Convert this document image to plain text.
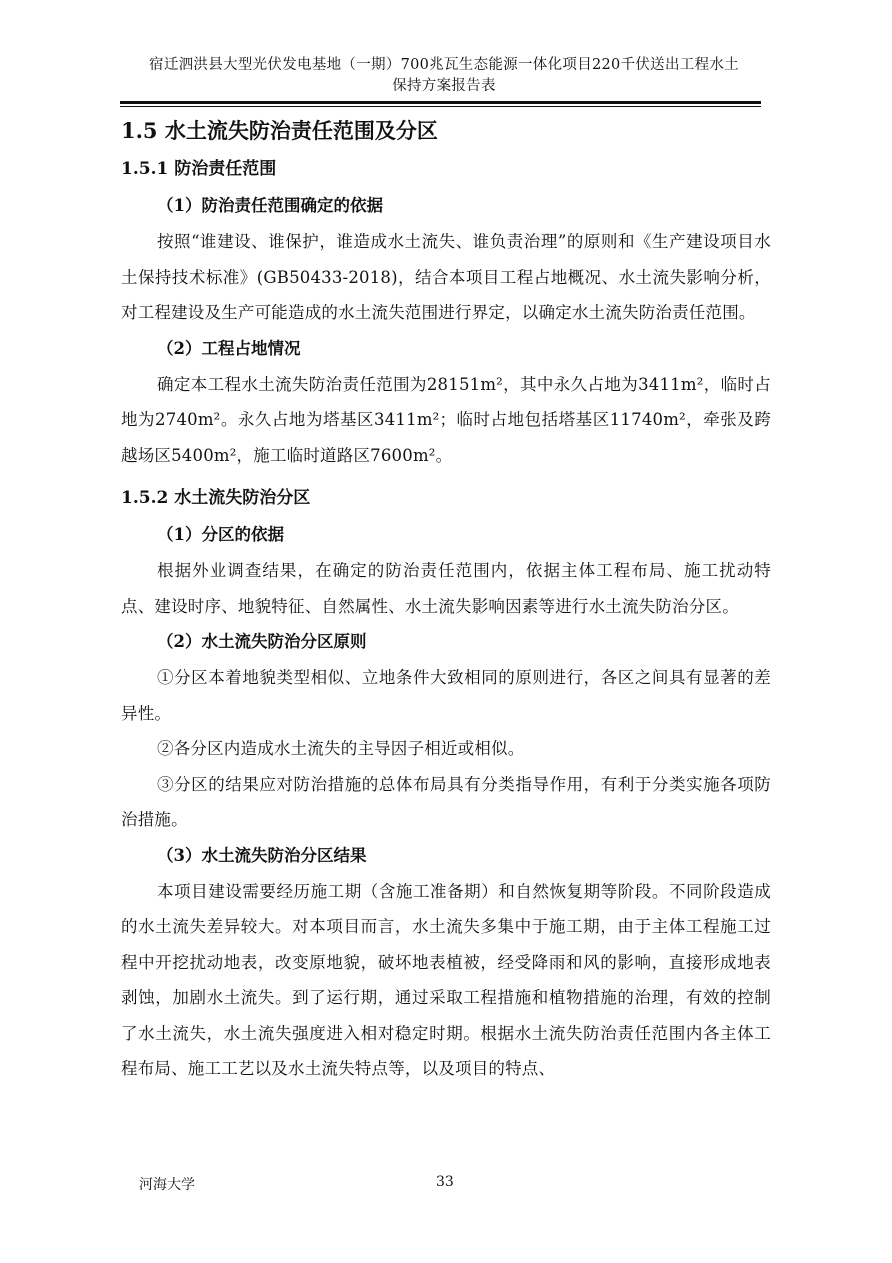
宿迁泗洪县大型光伏发电基地（一期）700兆瓦生态能源一体化项目220千伏送出工程水土
保持方案报告表
1.5 水土流失防治责任范围及分区
1.5.1 防治责任范围
（1）防治责任范围确定的依据

按照“谁建设、谁保护，谁造成水土流失、谁负责治理”的原则和《生产建设项目水土保持技术标准》(GB50433-2018)，结合本项目工程占地概况、水土流失影响分析，对工程建设及生产可能造成的水土流失范围进行界定，以确定水土流失防治责任范围。

（2）工程占地情况

确定本工程水土流失防治责任范围为28151m²，其中永久占地为3411m²，临时占地为2740m²。永久占地为塔基区3411m²；临时占地包括塔基区11740m²，牵张及跨越场区5400m²，施工临时道路区7600m²。

1.5.2 水土流失防治分区
（1）分区的依据

根据外业调查结果，在确定的防治责任范围内，依据主体工程布局、施工扰动特点、建设时序、地貌特征、自然属性、水土流失影响因素等进行水土流失防治分区。

（2）水土流失防治分区原则

①分区本着地貌类型相似、立地条件大致相同的原则进行，各区之间具有显著的差异性。

②各分区内造成水土流失的主导因子相近或相似。

③分区的结果应对防治措施的总体布局具有分类指导作用，有利于分类实施各项防治措施。

（3）水土流失防治分区结果

本项目建设需要经历施工期（含施工准备期）和自然恢复期等阶段。不同阶段造成的水土流失差异较大。对本项目而言，水土流失多集中于施工期，由于主体工程施工过程中开挖扰动地表，改变原地貌，破坏地表植被，经受降雨和风的影响，直接形成地表剥蚀，加剧水土流失。到了运行期，通过采取工程措施和植物措施的治理，有效的控制了水土流失，水土流失强度进入相对稳定时期。根据水土流失防治责任范围内各主体工程布局、施工工艺以及水土流失特点等，以及项目的特点、

河海大学	33
